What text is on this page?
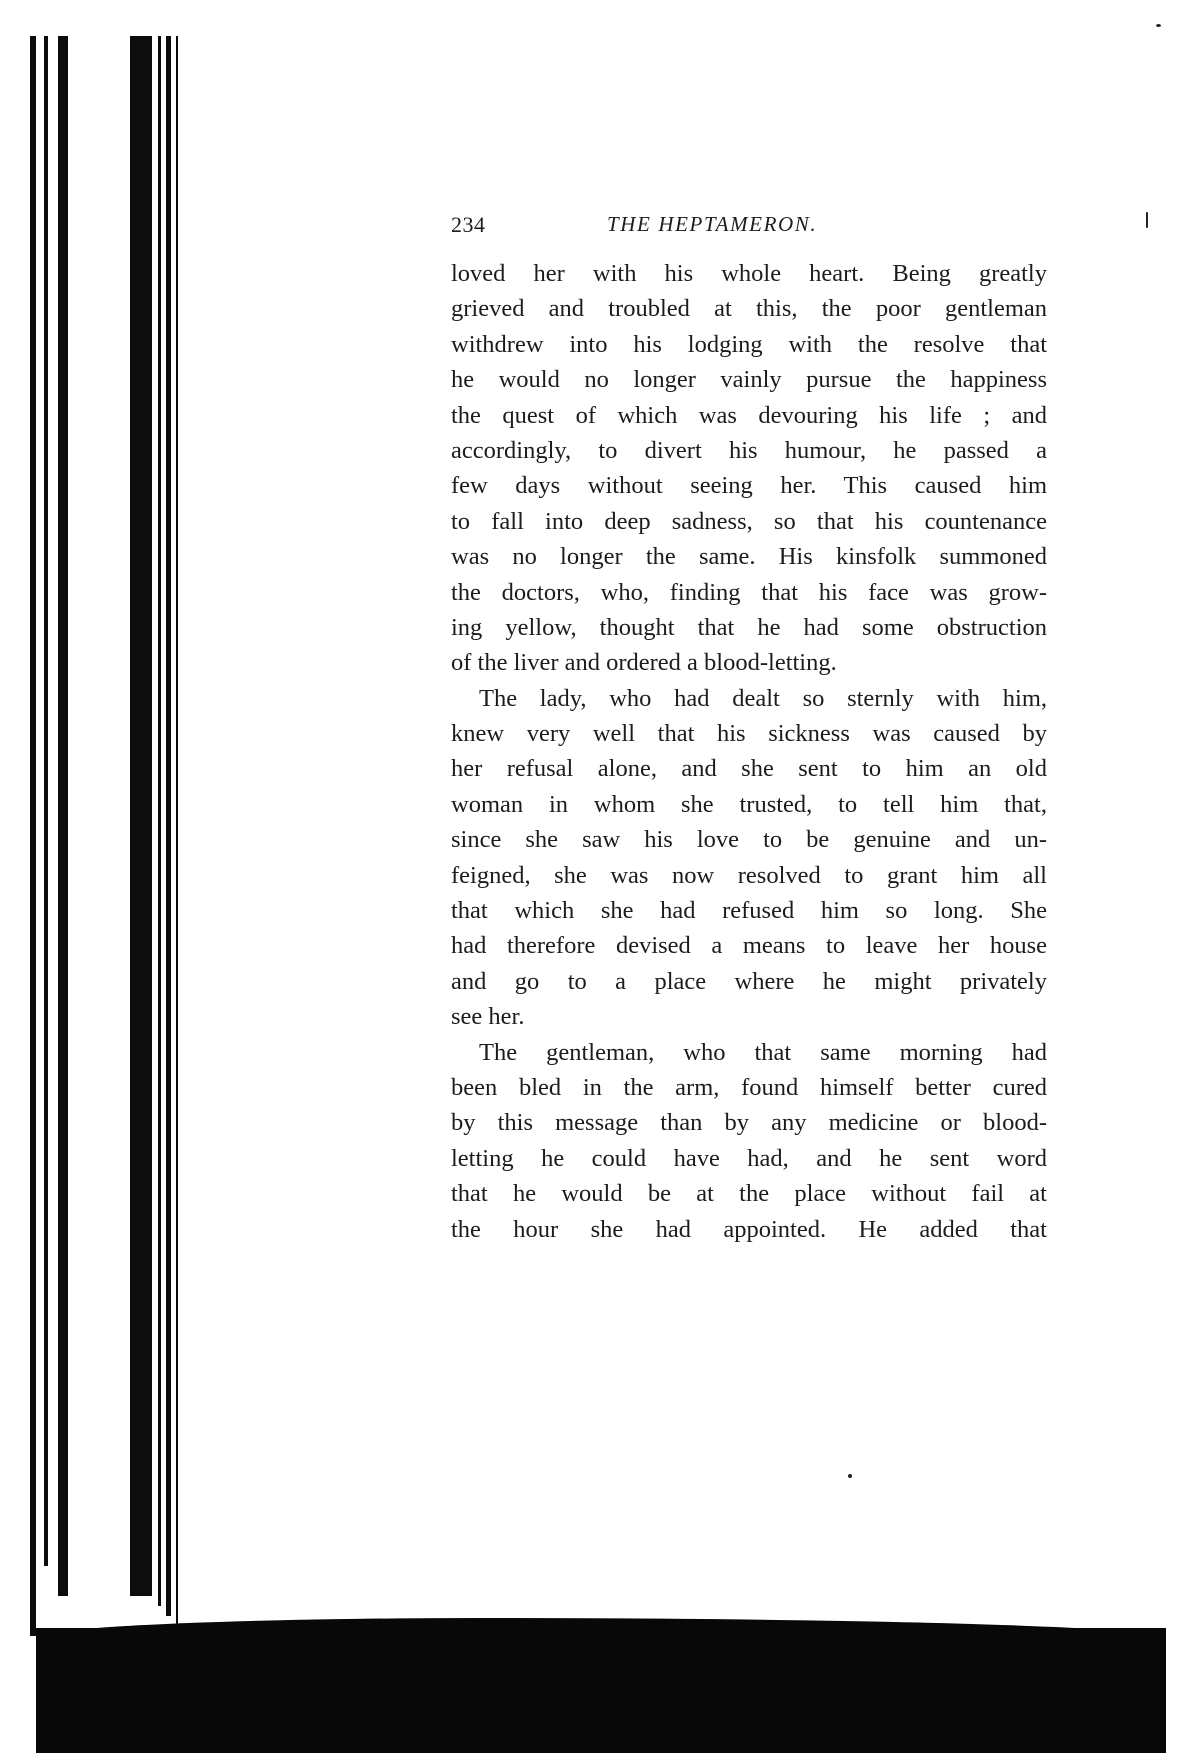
234	THE HEPTAMERON.
loved her with his whole heart. Being greatly
grieved and troubled at this, the poor gentleman
withdrew into his lodging with the resolve that
he would no longer vainly pursue the happiness
the quest of which was devouring his life ; and
accordingly, to divert his humour, he passed a
few days without seeing her. This caused him
to fall into deep sadness, so that his countenance
was no longer the same. His kinsfolk summoned
the doctors, who, finding that his face was grow-
ing yellow, thought that he had some obstruction
of the liver and ordered a blood-letting.
The lady, who had dealt so sternly with him,
knew very well that his sickness was caused by
her refusal alone, and she sent to him an old
woman in whom she trusted, to tell him that,
since she saw his love to be genuine and un-
feigned, she was now resolved to grant him all
that which she had refused him so long. She
had therefore devised a means to leave her house
and go to a place where he might privately
see her.
The gentleman, who that same morning had
been bled in the arm, found himself better cured
by this message than by any medicine or blood-
letting he could have had, and he sent word
that he would be at the place without fail at
the hour she had appointed. He added that
